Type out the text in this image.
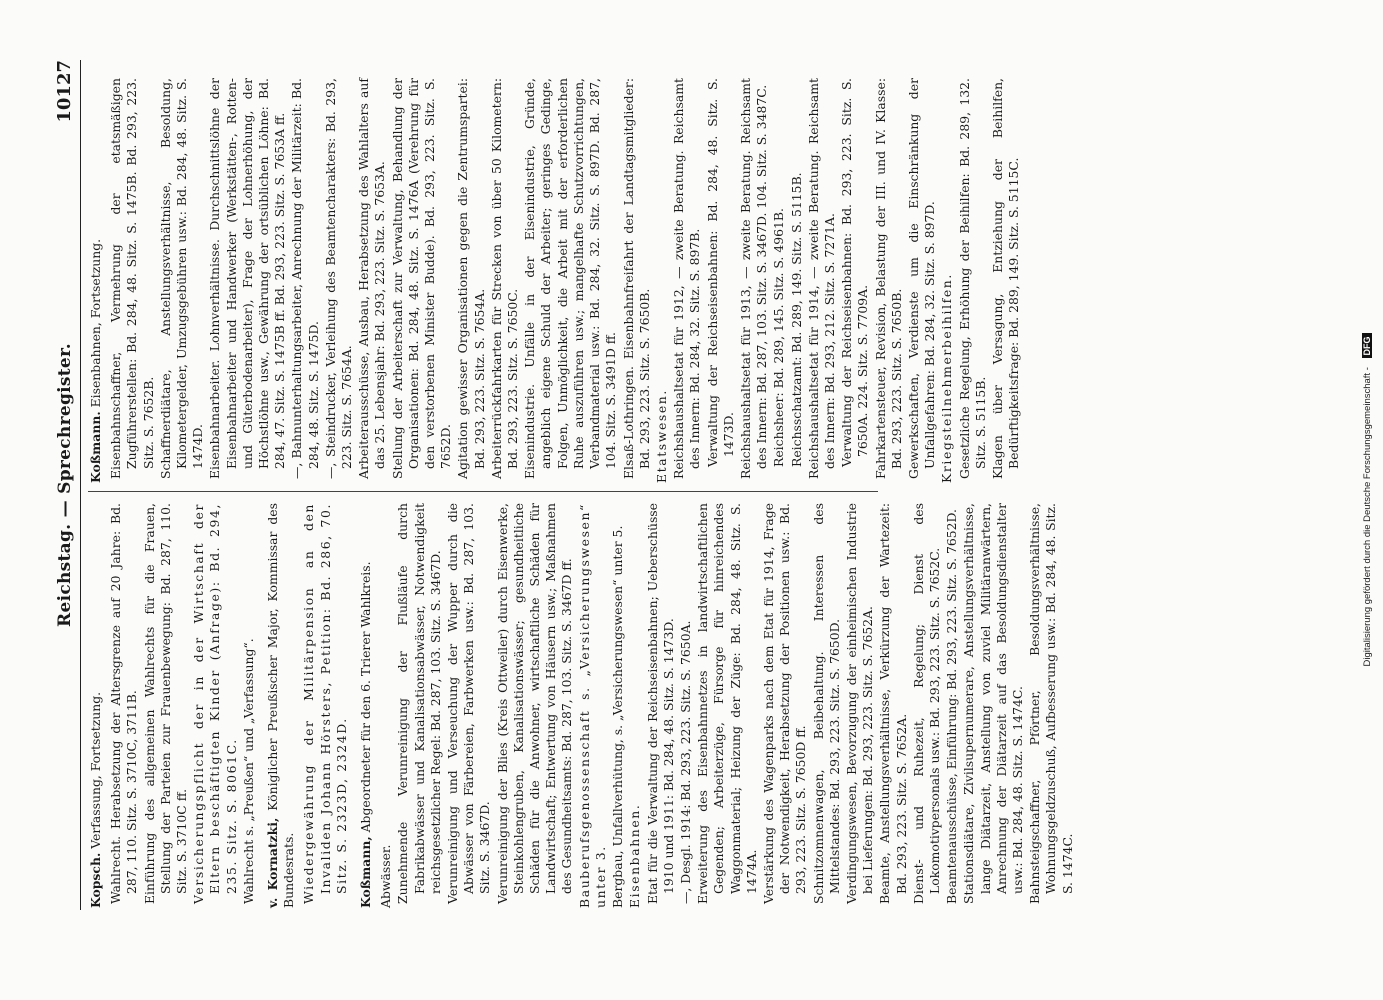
Reichstag. — Sprechregister.
10127

Kopsch. Verfassung, Fortsetzung. Wahlrecht. Herabsetzung der Altersgrenze auf 20 Jahre: Bd. 287, 110. Sitz. S. 3710C, 3711B. Einführung des allgemeinen Wahlrechts für die Frauen, Stellung der Parteien zur Frauenbewegung: Bd. 287, 110. Sitz. S. 3710C ff. Versicherungspflicht der in der Wirtschaft der Eltern beschäftigten Kinder (Anfrage): Bd. 294, 235. Sitz. S. 8061C. Wahlrecht s. „Preußen“ und „Verfassung“. v. Kornatzki, Königlicher Preußischer Major, Kommissar des Bundesrats. Wiedergewährung der Militärpension an den Invaliden Johann Hörsters, Petition: Bd. 286, 70. Sitz. S. 2323D, 2324D. Koßmann, Abgeordneter für den 6. Trierer Wahlkreis.

Abwässer. Zunehmende Verunreinigung der Flußläufe durch Fabrikabwässer und Kanalisationsabwässer, Notwendigkeit reichsgesetzlicher Regel: Bd. 287, 103. Sitz. S. 3467D. Verunreinigung und Verseuchung der Wupper durch die Abwässer von Färbereien, Farbwerken usw.: Bd. 287, 103. Sitz. S. 3467D. Verunreinigung der Blies (Kreis Ottweiler) durch Eisenwerke, Steinkohlengruben, Kanalisationswässer; gesundheitliche Schäden für die Anwohner, wirtschaftliche Schäden für Landwirtschaft; Entwertung von Häusern usw.; Maßnahmen des Gesundheitsamts: Bd. 287, 103. Sitz. S. 3467D ff. Bauberufsgenossenschaft s. „Versicherungswesen“ unter 3. Bergbau, Unfallverhütung, s. „Versicherungswesen“ unter 5. Eisenbahnen. Etat für die Verwaltung der Reichseisenbahnen; Ueberschüsse 1910 und 1911: Bd. 284, 48. Sitz. S. 1473D. —, Desgl. 1914: Bd. 293, 223. Sitz. S. 7650A. Erweiterung des Eisenbahnnetzes in landwirtschaftlichen Gegenden; Arbeiterzüge, Fürsorge für hinreichendes Waggonmaterial; Heizung der Züge: Bd. 284, 48. Sitz. S. 1474A. Verstärkung des Wagenparks nach dem Etat für 1914, Frage der Notwendigkeit, Herabsetzung der Positionen usw.: Bd. 293, 223. Sitz. S. 7650D ff. Schnitzomnenwagen, Beibehaltung. Interessen des Mittelstandes: Bd. 293, 223. Sitz. S. 7650D. Verdingungswesen, Bevorzugung der einheimischen Industrie bei Lieferungen: Bd. 293, 223. Sitz. S. 7652A. Beamte, Anstellungsverhältnisse, Verkürzung der Wartezeit: Bd. 293, 223. Sitz. S. 7652A. Dienst- und Ruhezeit, Regelung; Dienst des Lokomotivpersonals usw.: Bd. 293, 223. Sitz. S. 7652C. Beamtenausschüsse, Einführung: Bd. 293, 223. Sitz. S. 7652D. Stationsdiätare, Zivilsupernumerare, Anstellungsverhältnisse, lange Diätarzeit, Anstellung von zuviel Militäranwärtern, Anrechnung der Diätarzeit auf das Besoldungsdienstalter usw.: Bd. 284, 48. Sitz. S. 1474C. Bahnsteigschaffner, Pförtner, Besoldungsverhältnisse, Wohnungsgeldzuschuß, Aufbesserung usw.: Bd. 284, 48. Sitz. S. 1474C.

Koßmann. Eisenbahnen, Fortsetzung. Eisenbahnschaffner, Vermehrung der etatsmäßigen Zugführerstellen: Bd. 284, 48. Sitz. S. 1475B. Bd. 293, 223. Sitz. S. 7652B. Schaffnerdiätare, Anstellungsverhältnisse, Besoldung, Kilometergelder, Umzugsgebühren usw.: Bd. 284, 48. Sitz. S. 1474D. Eisenbahnarbeiter. Lohnverhältnisse. Durchschnittslöhne der Eisenbahnarbeiter und Handwerker (Werkstätten-, Rotten- und Güterbodenarbeiter), Frage der Lohnerhöhung, der Höchstlöhne usw., Gewährung der ortsüblichen Löhne: Bd. 284, 47. Sitz. S. 1475B ff. Bd. 293, 223. Sitz. S. 7653A ff. —, Bahnunterhaltungsarbeiter, Anrechnung der Militärzeit: Bd. 284, 48. Sitz. S. 1475D. —, Steindrucker, Verleihung des Beamtencharakters: Bd. 293, 223. Sitz. S. 7654A. Arbeiterausschüsse, Ausbau, Herabsetzung des Wahlalters auf das 25. Lebensjahr: Bd. 293, 223. Sitz. S. 7653A. Stellung der Arbeiterschaft zur Verwaltung, Behandlung der Organisationen: Bd. 284, 48. Sitz. S. 1476A (Verehrung für den verstorbenen Minister Budde). Bd. 293, 223. Sitz. S. 7652D. Agitation gewisser Organisationen gegen die Zentrumspartei: Bd. 293, 223. Sitz. S. 7654A. Arbeiterrückfahrkarten für Strecken von über 50 Kilometern: Bd. 293, 223. Sitz. S. 7650C. Eisenindustrie. Unfälle in der Eisenindustrie, Gründe, angeblich eigene Schuld der Arbeiter; geringes Gedinge, Folgen, Unmöglichkeit, die Arbeit mit der erforderlichen Ruhe auszuführen usw.; mangelhafte Schutzvorrichtungen, Verbandmaterial usw.: Bd. 284, 32. Sitz. S. 897D. Bd. 287, 104. Sitz. S. 3491D ff. Elsaß-Lothringen. Eisenbahnfreifahrt der Landtagsmitglieder: Bd. 293, 223. Sitz. S. 7650B. Etatswesen. Reichshaushaltsetat für 1912, — zweite Beratung. Reichsamt des Innern: Bd. 284, 32. Sitz. S. 897B. Verwaltung der Reichseisenbahnen: Bd. 284, 48. Sitz. S. 1473D. Reichshaushaltsetat für 1913, — zweite Beratung. Reichsamt des Innern: Bd. 287, 103. Sitz. S. 3467D. 104. Sitz. S. 3487C. Reichsheer: Bd. 289, 145. Sitz. S. 4961B. Reichsschatzamt: Bd. 289, 149. Sitz. S. 5115B. Reichshaushaltsetat für 1914, — zweite Beratung. Reichsamt des Innern: Bd. 293, 212. Sitz. S. 7271A. Verwaltung der Reichseisenbahnen: Bd. 293, 223. Sitz. S. 7650A. 224. Sitz. S. 7709A. Fahrkartensteuer, Revision, Belastung der III. und IV. Klasse: Bd. 293, 223. Sitz. S. 7650B. Gewerkschaften, Verdienste um die Einschränkung der Unfallgefahren: Bd. 284, 32. Sitz. S. 897D. Kriegsteilnehmerbeihilfen. Gesetzliche Regelung, Erhöhung der Beihilfen: Bd. 289, 132. Sitz. S. 5115B. Klagen über Versagung, Entziehung der Beihilfen, Bedürftigkeitsfrage: Bd. 289, 149. Sitz. S. 5115C.

Digitalisierung gefördert durch die Deutsche Forschungsgemeinschaft - DFG
